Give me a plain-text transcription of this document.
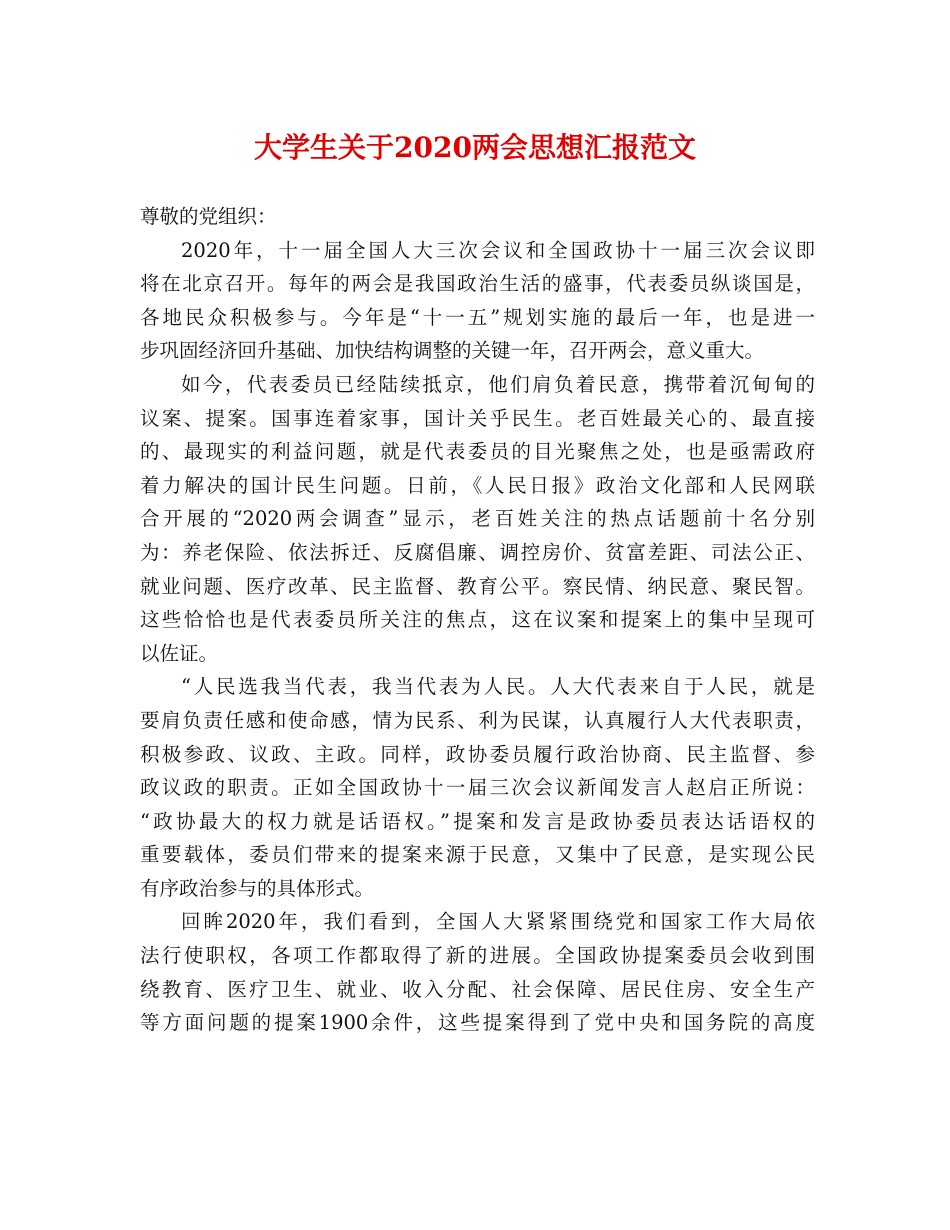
大学生关于2020两会思想汇报范文
尊敬的党组织：
2020年，十一届全国人大三次会议和全国政协十一届三次会议即
将在北京召开。每年的两会是我国政治生活的盛事，代表委员纵谈国是，
各地民众积极参与。今年是“十一五”规划实施的最后一年，也是进一
步巩固经济回升基础、加快结构调整的关键一年，召开两会，意义重大。
如今，代表委员已经陆续抵京，他们肩负着民意，携带着沉甸甸的
议案、提案。国事连着家事，国计关乎民生。老百姓最关心的、最直接
的、最现实的利益问题，就是代表委员的目光聚焦之处，也是亟需政府
着力解决的国计民生问题。日前，《人民日报》政治文化部和人民网联
合开展的“2020两会调查”显示，老百姓关注的热点话题前十名分别
为：养老保险、依法拆迁、反腐倡廉、调控房价、贫富差距、司法公正、
就业问题、医疗改革、民主监督、教育公平。察民情、纳民意、聚民智。
这些恰恰也是代表委员所关注的焦点，这在议案和提案上的集中呈现可
以佐证。
“人民选我当代表，我当代表为人民。人大代表来自于人民，就是
要肩负责任感和使命感，情为民系、利为民谋，认真履行人大代表职责，
积极参政、议政、主政。同样，政协委员履行政治协商、民主监督、参
政议政的职责。正如全国政协十一届三次会议新闻发言人赵启正所说：
“政协最大的权力就是话语权。”提案和发言是政协委员表达话语权的
重要载体，委员们带来的提案来源于民意，又集中了民意，是实现公民
有序政治参与的具体形式。
回眸2020年，我们看到，全国人大紧紧围绕党和国家工作大局依
法行使职权，各项工作都取得了新的进展。全国政协提案委员会收到围
绕教育、医疗卫生、就业、收入分配、社会保障、居民住房、安全生产
等方面问题的提案1900余件，这些提案得到了党中央和国务院的高度
